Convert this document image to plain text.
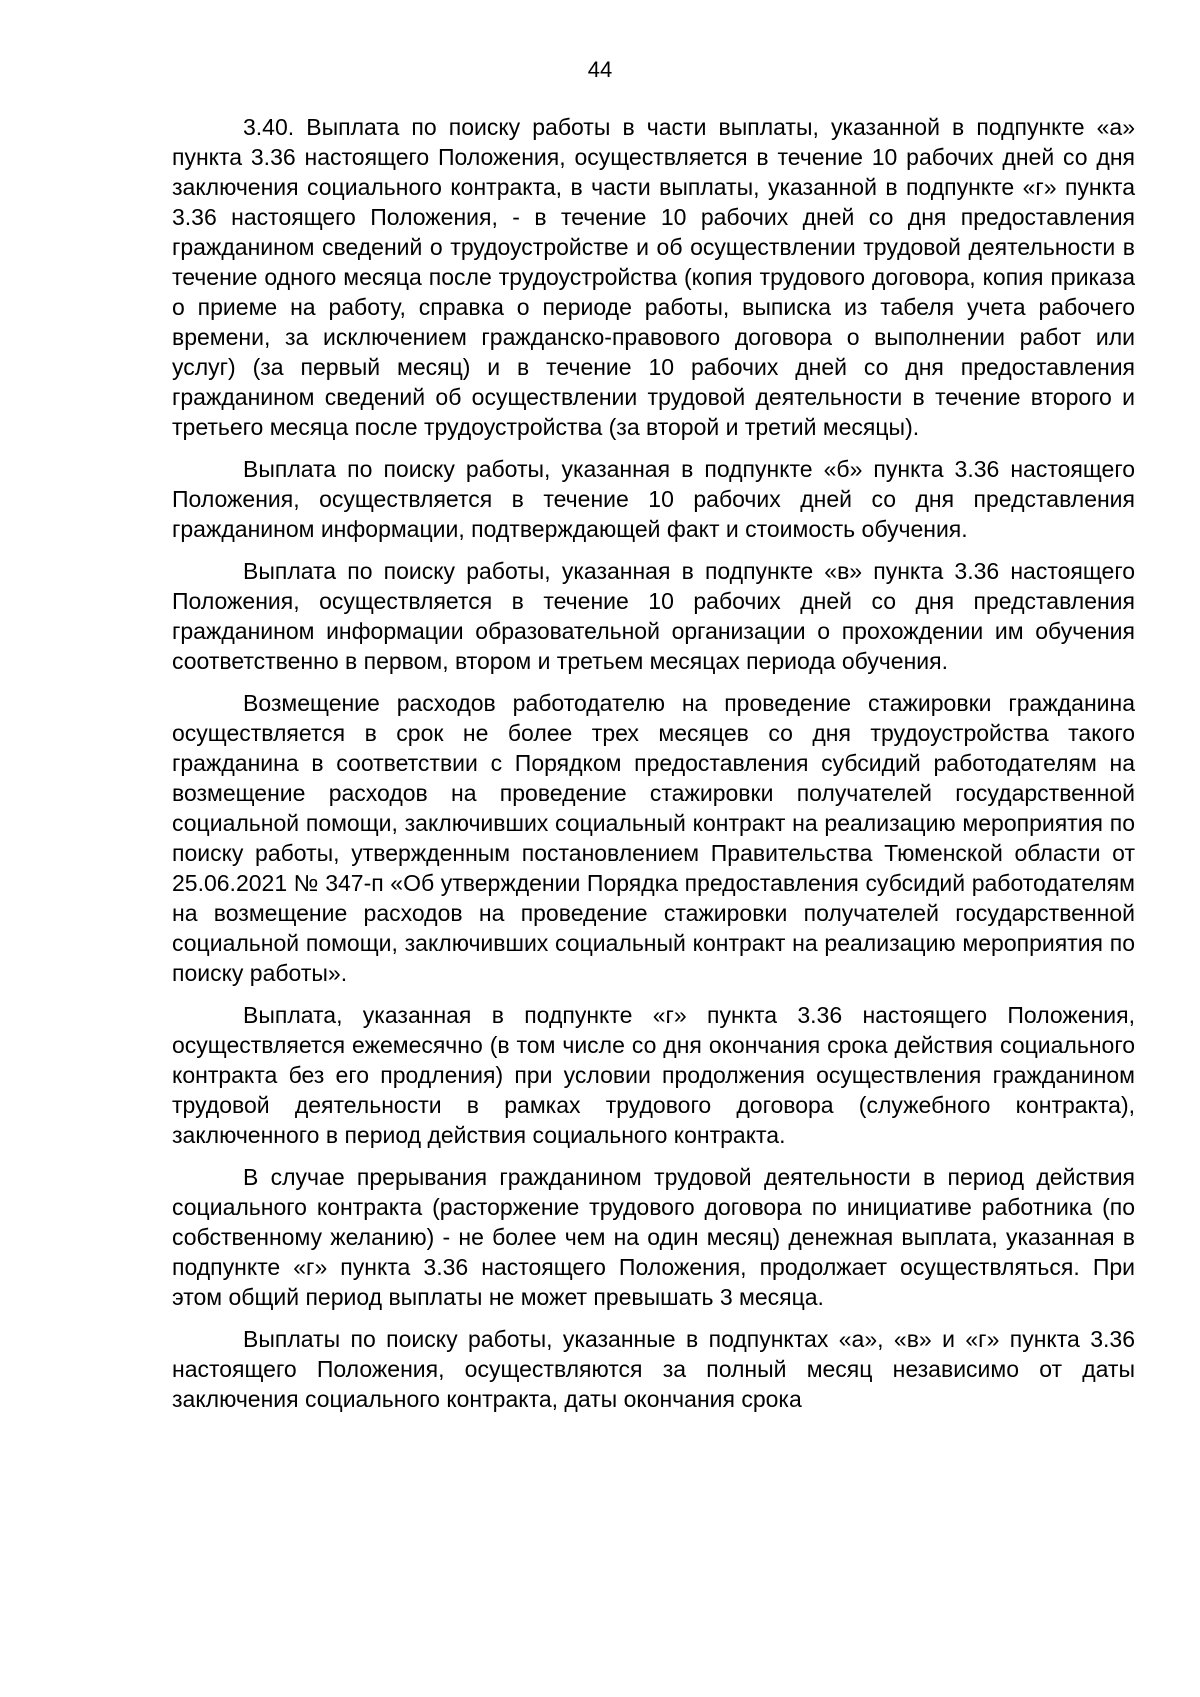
44

3.40. Выплата по поиску работы в части выплаты, указанной в подпункте «а» пункта 3.36 настоящего Положения, осуществляется в течение 10 рабочих дней со дня заключения социального контракта, в части выплаты, указанной в подпункте «г» пункта 3.36 настоящего Положения, - в течение 10 рабочих дней со дня предоставления гражданином сведений о трудоустройстве и об осуществлении трудовой деятельности в течение одного месяца после трудоустройства (копия трудового договора, копия приказа о приеме на работу, справка о периоде работы, выписка из табеля учета рабочего времени, за исключением гражданско-правового договора о выполнении работ или услуг) (за первый месяц) и в течение 10 рабочих дней со дня предоставления гражданином сведений об осуществлении трудовой деятельности в течение второго и третьего месяца после трудоустройства (за второй и третий месяцы).

Выплата по поиску работы, указанная в подпункте «б» пункта 3.36 настоящего Положения, осуществляется в течение 10 рабочих дней со дня представления гражданином информации, подтверждающей факт и стоимость обучения.

Выплата по поиску работы, указанная в подпункте «в» пункта 3.36 настоящего Положения, осуществляется в течение 10 рабочих дней со дня представления гражданином информации образовательной организации о прохождении им обучения соответственно в первом, втором и третьем месяцах периода обучения.

Возмещение расходов работодателю на проведение стажировки гражданина осуществляется в срок не более трех месяцев со дня трудоустройства такого гражданина в соответствии с Порядком предоставления субсидий работодателям на возмещение расходов на проведение стажировки получателей государственной социальной помощи, заключивших социальный контракт на реализацию мероприятия по поиску работы, утвержденным постановлением Правительства Тюменской области от 25.06.2021 № 347-п «Об утверждении Порядка предоставления субсидий работодателям на возмещение расходов на проведение стажировки получателей государственной социальной помощи, заключивших социальный контракт на реализацию мероприятия по поиску работы».

Выплата, указанная в подпункте «г» пункта 3.36 настоящего Положения, осуществляется ежемесячно (в том числе со дня окончания срока действия социального контракта без его продления) при условии продолжения осуществления гражданином трудовой деятельности в рамках трудового договора (служебного контракта), заключенного в период действия социального контракта.

В случае прерывания гражданином трудовой деятельности в период действия социального контракта (расторжение трудового договора по инициативе работника (по собственному желанию) - не более чем на один месяц) денежная выплата, указанная в подпункте «г» пункта 3.36 настоящего Положения, продолжает осуществляться. При этом общий период выплаты не может превышать 3 месяца.

Выплаты по поиску работы, указанные в подпунктах «а», «в» и «г» пункта 3.36 настоящего Положения, осуществляются за полный месяц независимо от даты заключения социального контракта, даты окончания срока
